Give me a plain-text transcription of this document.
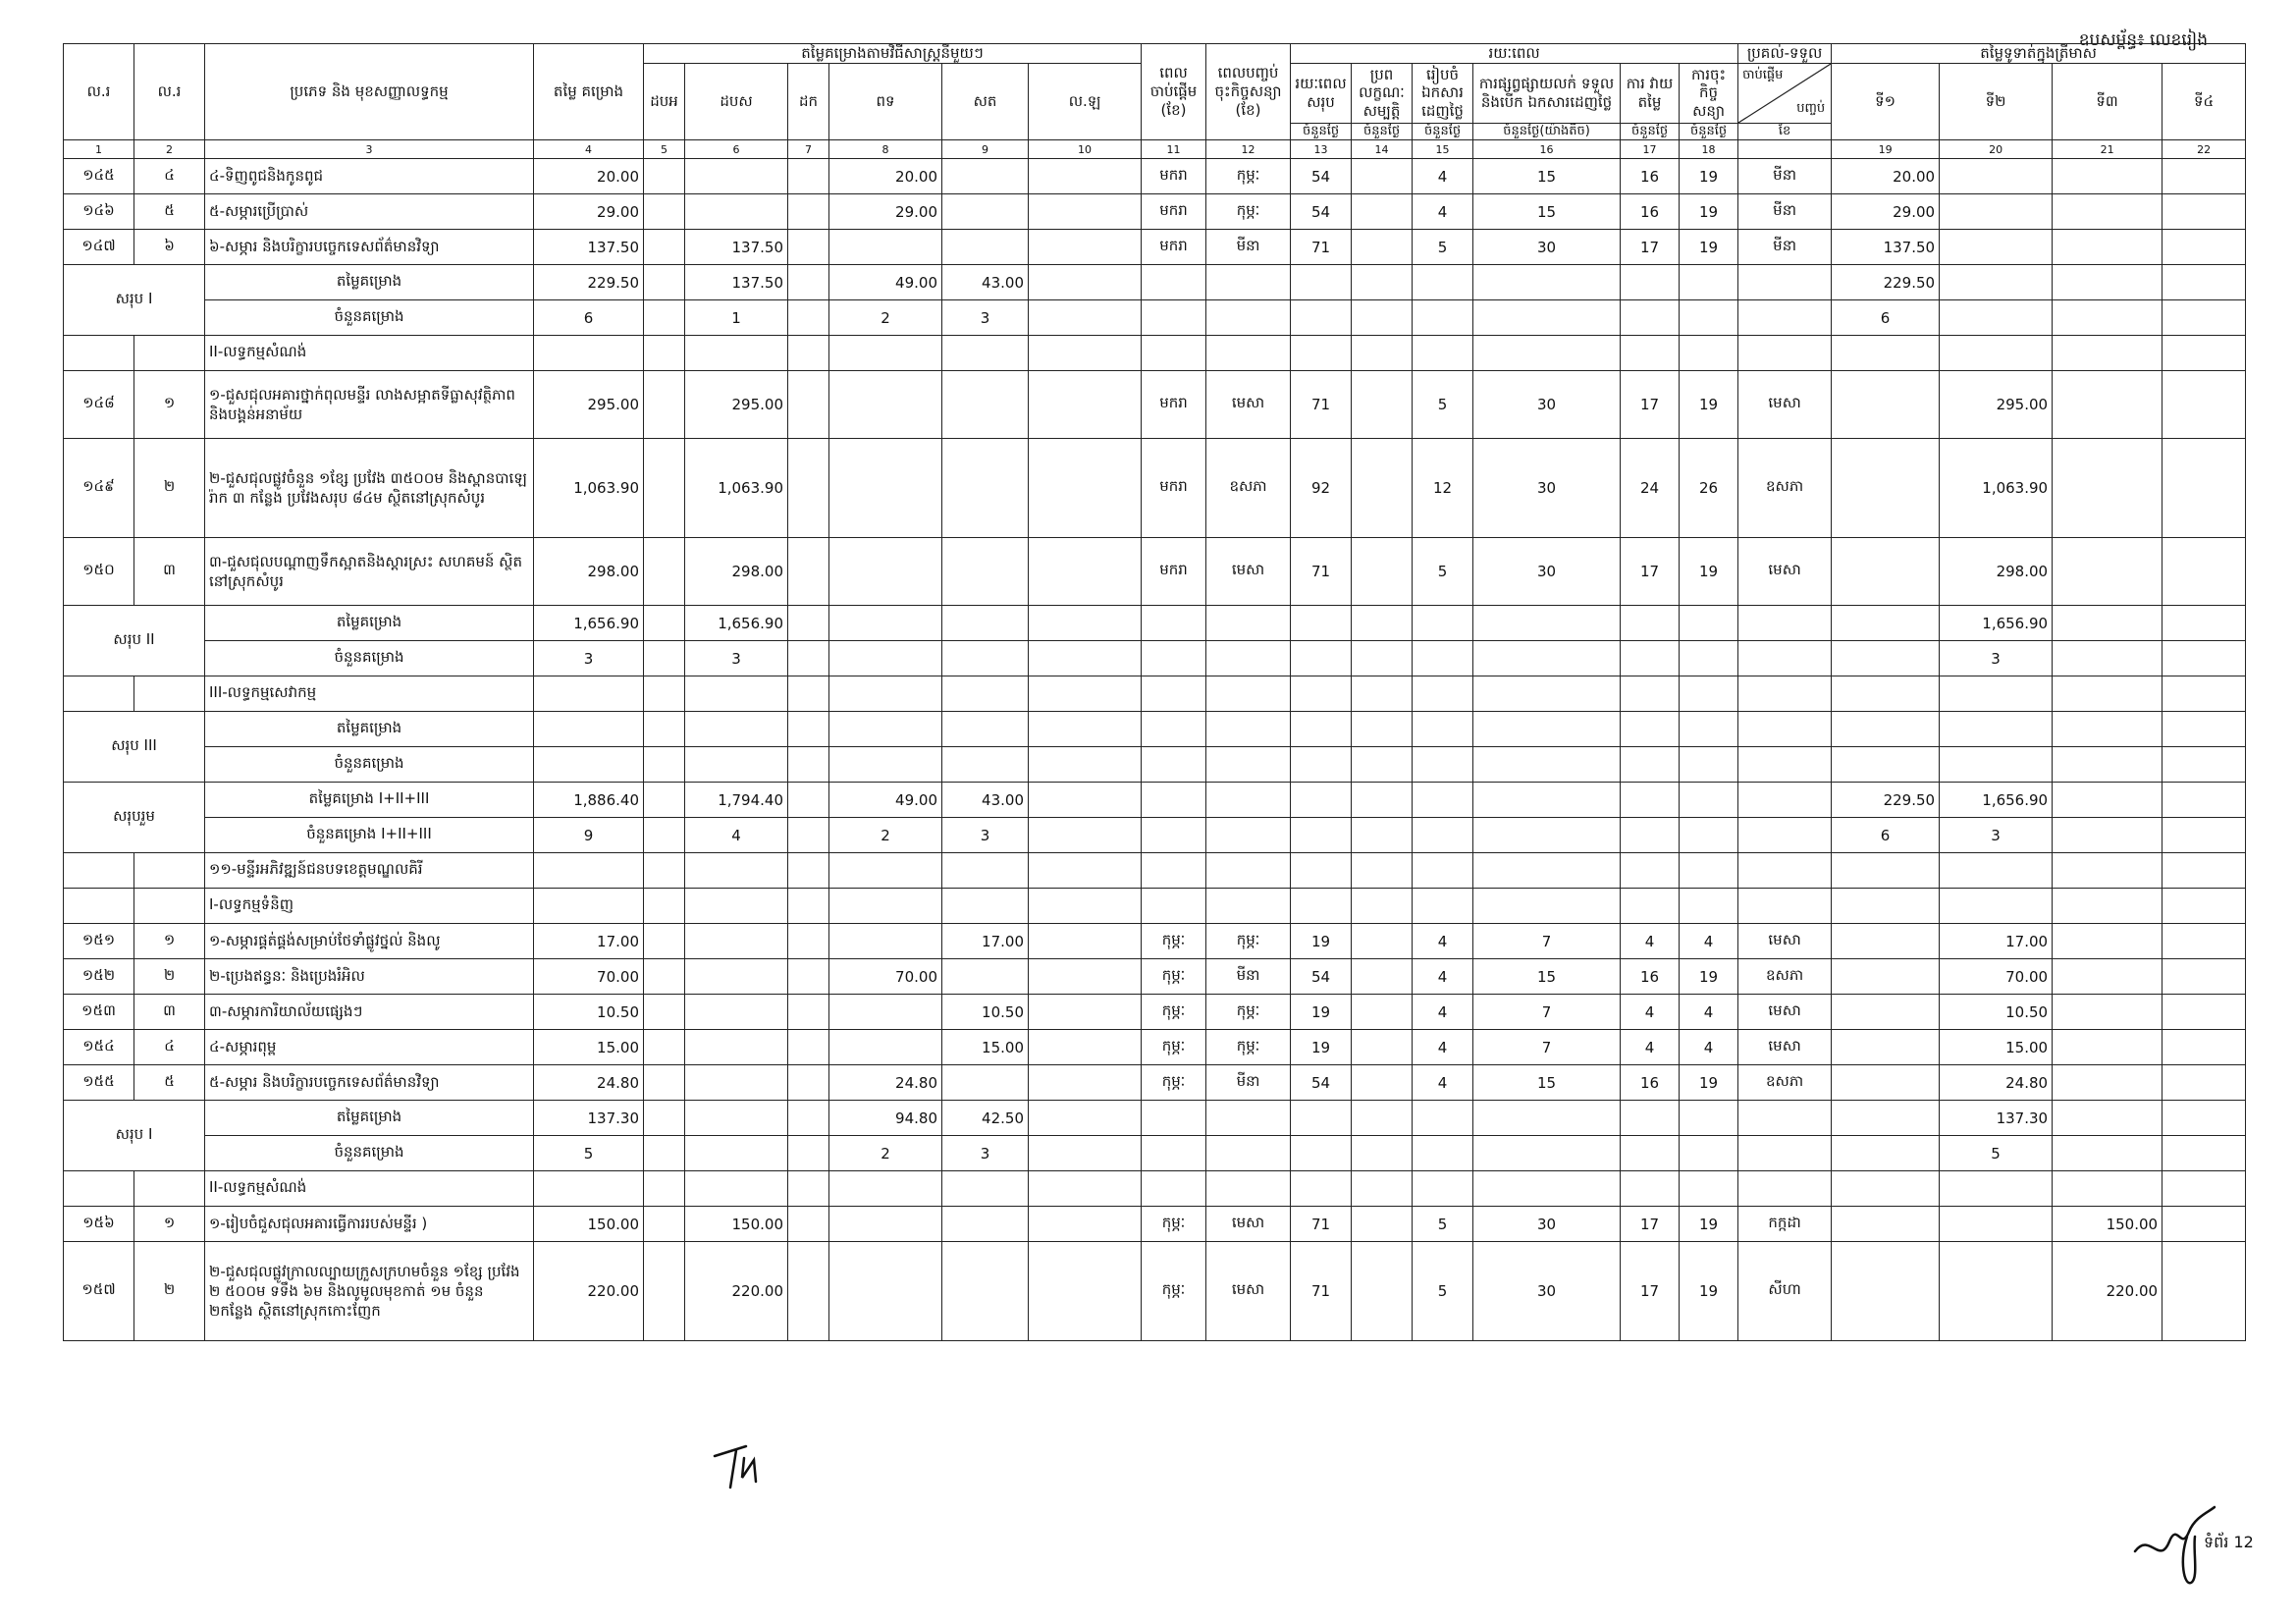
ឧបសម្ព័ន្ធ៖ លេខរៀង
ល.រ	ល.រ	ប្រភេទ និង មុខសញ្ញាលទ្ធកម្ម	តម្លៃ គម្រោង	តម្លៃគម្រោងតាមវិធីសាស្ត្រនីមួយៗ						ពេល ចាប់ផ្តើម (ខែ)	ពេលបញ្ចប់ ចុះកិច្ចសន្យា (ខែ)	រយៈពេល						ប្រគល់-ទទួល	តម្លៃទូទាត់ក្នុងត្រីមាស			
				ដបអ	ដបស	ដក	ពទ	សត	ល.ឡ			រយៈពេល សរុប	ប្រព លក្ខណៈ សម្បត្តិ	រៀបចំ ឯកសារ ដេញថ្លៃ	ការផ្សព្វផ្សាយលក់ ទទួល និងបើក ឯកសារដេញថ្លៃ	ការ វាយតម្លៃ	ការចុះ កិច្ចសន្យា	ចាប់ផ្តើម
បញ្ចប់	ទី១	ទី២	ទី៣	ទី៤
												ចំនួនថ្ងៃ	ចំនួនថ្ងៃ	ចំនួនថ្ងៃ	ចំនួនថ្ងៃ(យ៉ាងតិច)	ចំនួនថ្ងៃ	ចំនួនថ្ងៃ	ខែ				
1	2	3	4	5	6	7	8	9	10	11	12	13	14	15	16	17	18		19	20	21	22
១៤៥	៤	៤-ទិញពូជនិងកូនពូជ	20.00				20.00			មករា	កុម្ភៈ	54		4	15	16	19	មីនា	20.00			
១៤៦	៥	៥-សម្ភារប្រើប្រាស់	29.00				29.00			មករា	កុម្ភៈ	54		4	15	16	19	មីនា	29.00			
១៤៧	៦	៦-សម្ភារ និងបរិក្ខារបច្ចេកទេសព័ត៌មានវិទ្យា	137.50		137.50					មករា	មីនា	71		5	30	17	19	មីនា	137.50			
សរុប I		តម្លៃគម្រោង	229.50		137.50		49.00	43.00											229.50			
		ចំនួនគម្រោង	6		1		2	3											6			
		II-លទ្ធកម្មសំណង់																				
១៤៨	១	១-ជួសជុលអគារថ្នាក់ពុលមន្ទីរ លាងសម្អាតទីធ្លាសុវត្ថិភាព និងបង្គន់អនាម័យ	295.00		295.00					មករា	មេសា	71		5	30	17	19	មេសា		295.00		
១៤៩	២	២-ជួសជុលផ្លូវចំនួន ១ខ្សែ ប្រវែង ៣៥០០ម និងស្ពានបាឡេរ៉ាក ៣ កន្លែង ប្រវែងសរុប ៨៤ម ស្ថិតនៅស្រុកសំបូរ	1,063.90		1,063.90					មករា	ឧសភា	92		12	30	24	26	ឧសភា		1,063.90		
១៥០	៣	៣-ជួសជុលបណ្តាញទឹកស្អាតនិងស្តារស្រះ សហគមន៍ ស្ថិតនៅស្រុកសំបូរ	298.00		298.00					មករា	មេសា	71		5	30	17	19	មេសា		298.00		
សរុប II		តម្លៃគម្រោង	1,656.90		1,656.90															1,656.90		
		ចំនួនគម្រោង	3		3															3		
		III-លទ្ធកម្មសេវាកម្ម																				
សរុប III		តម្លៃគម្រោង																				
		ចំនួនគម្រោង																				
សរុបរួម		តម្លៃគម្រោង I+II+III	1,886.40		1,794.40		49.00	43.00											229.50	1,656.90		
		ចំនួនគម្រោង I+II+III	9		4		2	3											6	3		
		១១-មន្ទីរអភិវឌ្ឍន៍ជនបទខេត្តមណ្ឌលគិរី																				
		I-លទ្ធកម្មទំនិញ																				
១៥១	១	១-សម្ភារផ្គត់ផ្គង់សម្រាប់ថែទាំផ្លូវថ្នល់ និងលូ	17.00					17.00		កុម្ភៈ	កុម្ភៈ	19		4	7	4	4	មេសា		17.00		
១៥២	២	២-ប្រេងឥន្ធនៈ និងប្រេងរំអិល	70.00				70.00			កុម្ភៈ	មីនា	54		4	15	16	19	ឧសភា		70.00		
១៥៣	៣	៣-សម្ភារការិយាល័យផ្សេងៗ	10.50					10.50		កុម្ភៈ	កុម្ភៈ	19		4	7	4	4	មេសា		10.50		
១៥៤	៤	៤-សម្ភារពុម្ព	15.00					15.00		កុម្ភៈ	កុម្ភៈ	19		4	7	4	4	មេសា		15.00		
១៥៥	៥	៥-សម្ភារ និងបរិក្ខារបច្ចេកទេសព័ត៌មានវិទ្យា	24.80				24.80			កុម្ភៈ	មីនា	54		4	15	16	19	ឧសភា		24.80		
សរុប I		តម្លៃគម្រោង	137.30				94.80	42.50												137.30		
		ចំនួនគម្រោង	5				2	3												5		
		II-លទ្ធកម្មសំណង់																				
១៥៦	១	១-រៀបចំជួសជុលអគារធ្វើការរបស់មន្ទីរ )	150.00		150.00					កុម្ភៈ	មេសា	71		5	30	17	19	កក្កដា			150.00	
១៥៧	២	២-ជួសជុលផ្លូវក្រាលល្បាយក្រួសក្រហមចំនួន ១ខ្សែ ប្រវែង ២ ៥០០ម ទទឹង ៦ម និងលូមូលមុខកាត់ ១ម ចំនួន ២កន្លែង ស្ថិតនៅស្រុកកោះញែក	220.00		220.00					កុម្ភៈ	មេសា	71		5	30	17	19	សីហា			220.00	
ទំព័រ 12
